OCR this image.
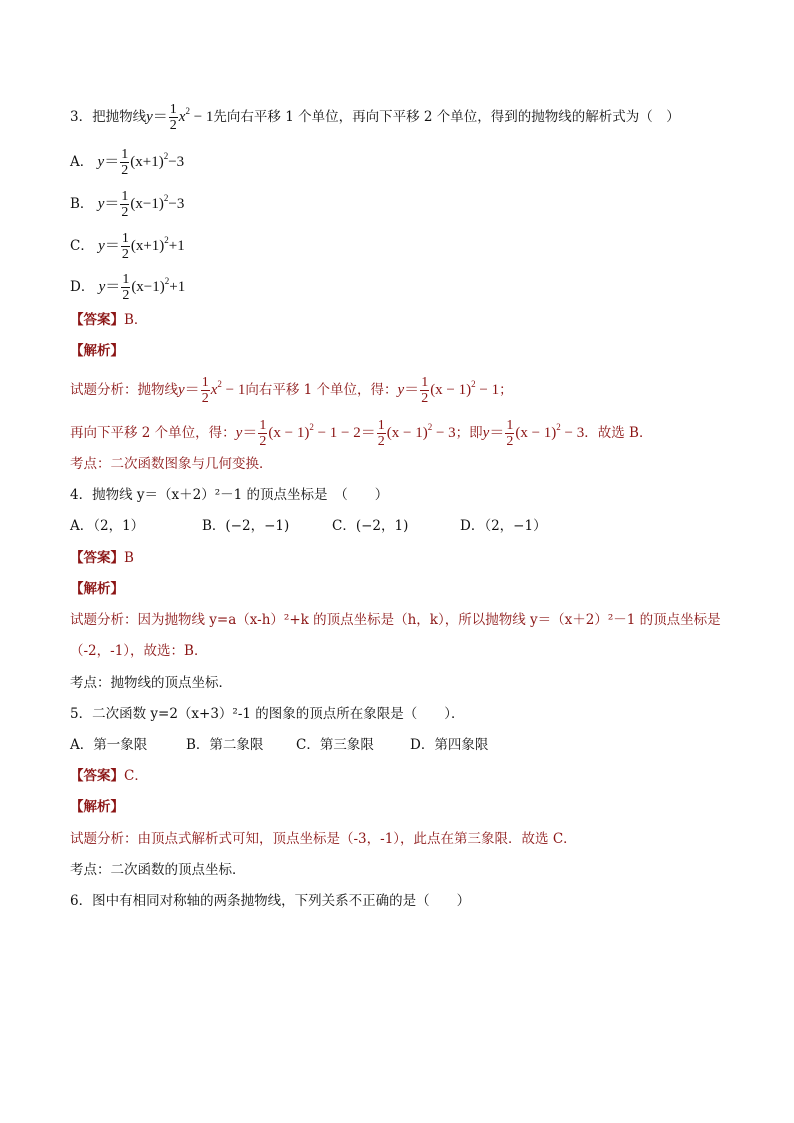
3．把抛物线$y= \frac{1}{2} x^2 - 1$先向右平移 1 个单位，再向下平移 2 个单位，得到的抛物线的解析式为（　）
A． $y= \frac{1}{2} (x+1)^2-3$
B． $y= \frac{1}{2} (x-1)^2-3$
C． $y= \frac{1}{2} (x+1)^2+1$
D． $y= \frac{1}{2} (x-1)^2+1$
【答案】B．
【解析】
试题分析：抛物线$y= \frac{1}{2} x^2 - 1$向右平移 1 个单位，得：$y= \frac{1}{2} (x - 1)^2 - 1$；
再向下平移 2 个单位，得：$y= \frac{1}{2} (x - 1)^2 - 1 - 2= \frac{1}{2} (x - 1)^2 - 3$；即$y= \frac{1}{2} (x - 1)^2 - 3$．故选 B．
考点：二次函数图象与几何变换．
4．抛物线 y＝（x＋2）²－1 的顶点坐标是　（　　）
A．（2，1）	B．(−2，−1)	C．(−2，1)	D．（2，−1）
【答案】B
【解析】
试题分析：因为抛物线 y=a（x-h）²+k 的顶点坐标是（h，k），所以抛物线 y＝（x＋2）²－1 的顶点坐标是
（-2，-1），故选：B．
考点：抛物线的顶点坐标．
5．二次函数 y=2（x+3）²-1 的图象的顶点所在象限是（　　）．
A．第一象限	B．第二象限 C．第三象限	D．第四象限
【答案】C．
【解析】
试题分析：由顶点式解析式可知，顶点坐标是（-3，-1），此点在第三象限．故选 C．
考点：二次函数的顶点坐标．
6．图中有相同对称轴的两条抛物线，下列关系不正确的是（　　）
